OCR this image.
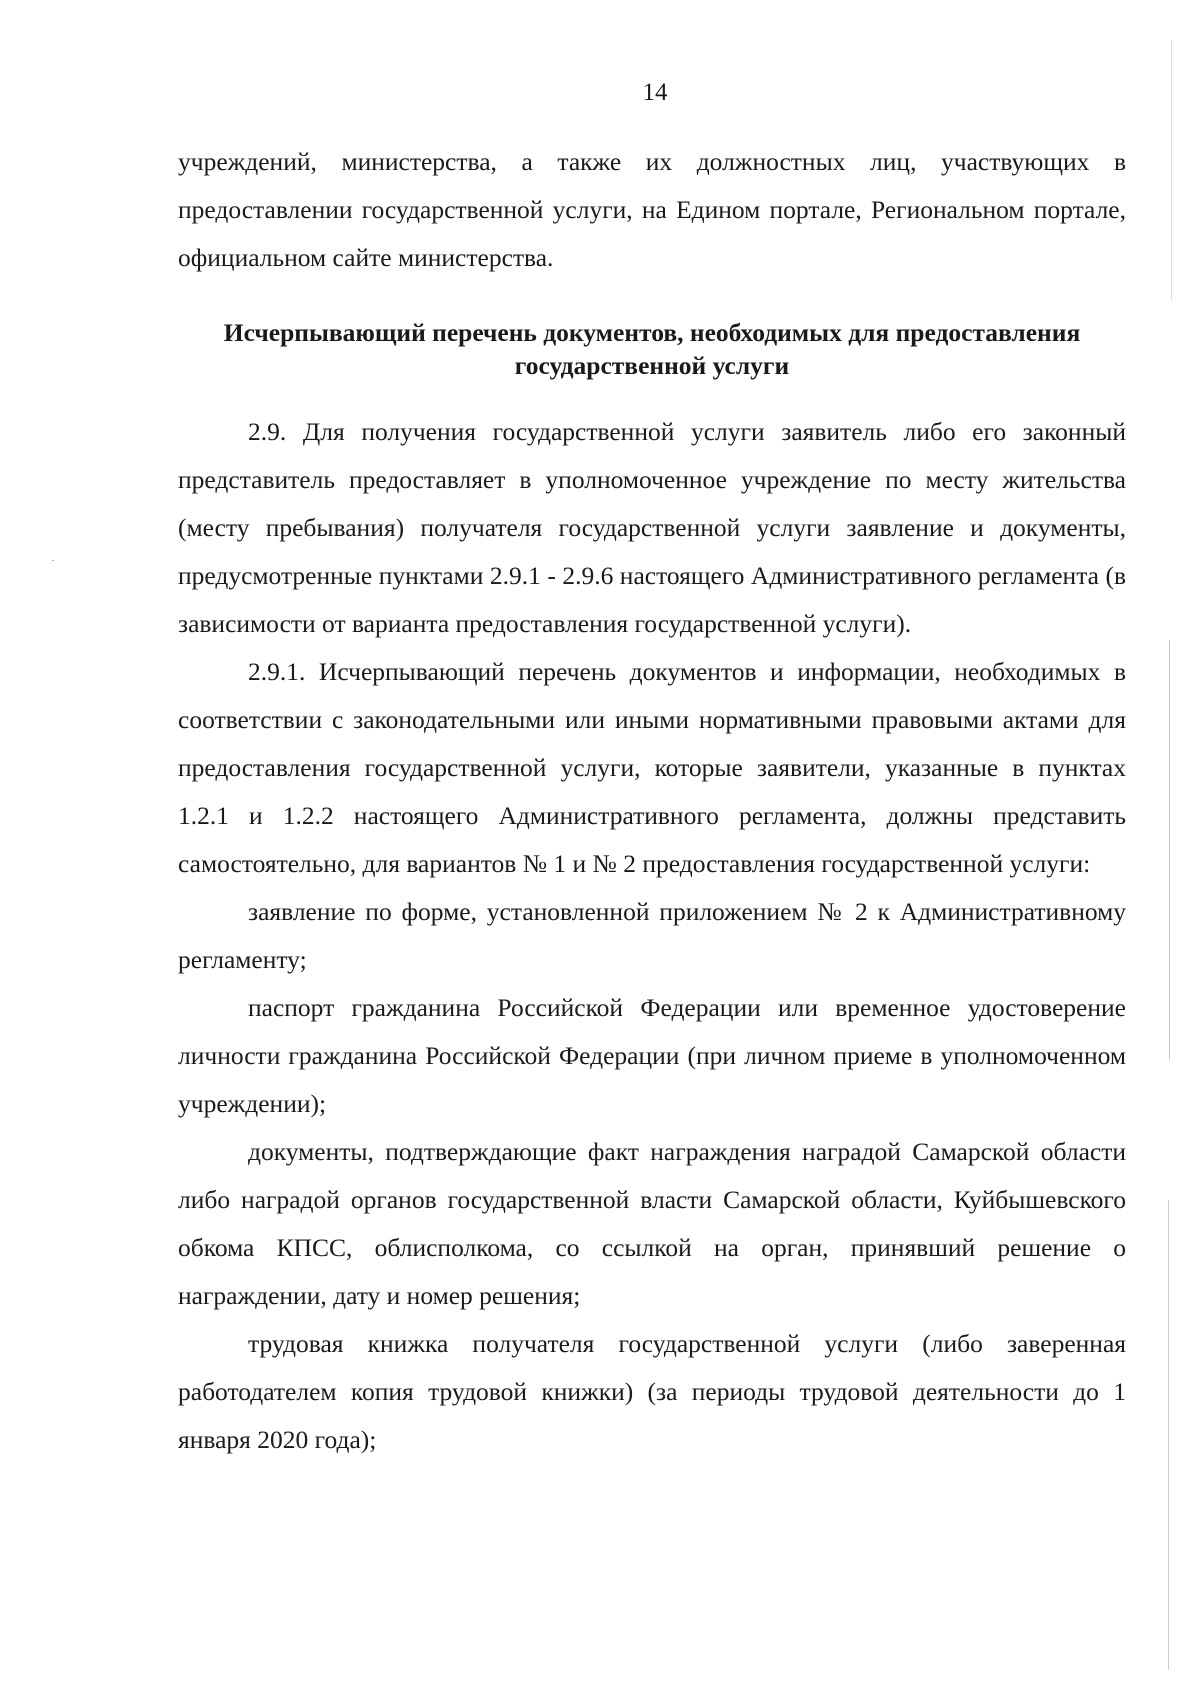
14

учреждений, министерства, а также их должностных лиц, участвующих в предоставлении государственной услуги, на Едином портале, Региональном портале, официальном сайте министерства.

Исчерпывающий перечень документов, необходимых для предоставления государственной услуги

2.9. Для получения государственной услуги заявитель либо его законный представитель предоставляет в уполномоченное учреждение по месту жительства (месту пребывания) получателя государственной услуги заявление и документы, предусмотренные пунктами 2.9.1 - 2.9.6 настоящего Административного регламента (в зависимости от варианта предоставления государственной услуги).

2.9.1. Исчерпывающий перечень документов и информации, необходимых в соответствии с законодательными или иными нормативными правовыми актами для предоставления государственной услуги, которые заявители, указанные в пунктах 1.2.1 и 1.2.2 настоящего Административного регламента, должны представить самостоятельно, для вариантов № 1 и № 2 предоставления государственной услуги:

заявление по форме, установленной приложением № 2 к Административному регламенту;

паспорт гражданина Российской Федерации или временное удостоверение личности гражданина Российской Федерации (при личном приеме в уполномоченном учреждении);

документы, подтверждающие факт награждения наградой Самарской области либо наградой органов государственной власти Самарской области, Куйбышевского обкома КПСС, облисполкома, со ссылкой на орган, принявший решение о награждении, дату и номер решения;

трудовая книжка получателя государственной услуги (либо заверенная работодателем копия трудовой книжки) (за периоды трудовой деятельности до 1 января 2020 года);
